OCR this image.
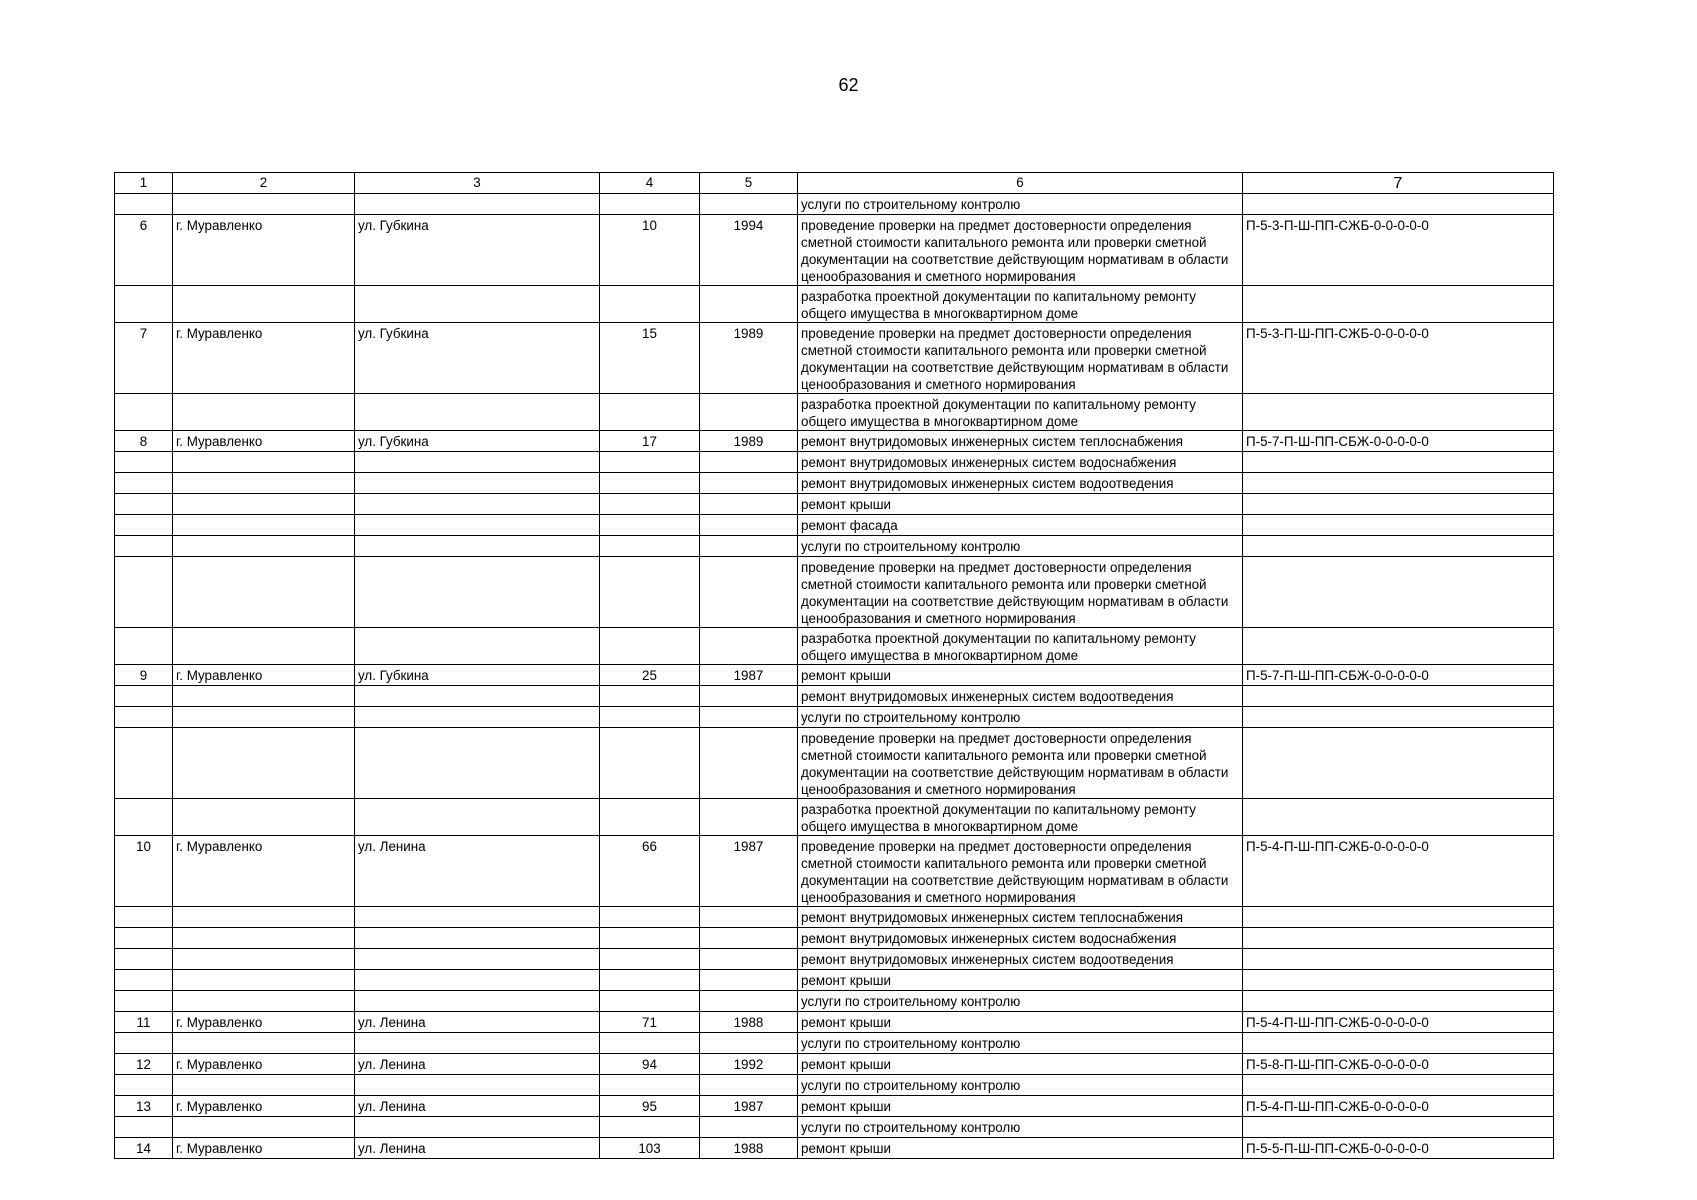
62
1	2	3	4	5	6	7
					услуги по строительному контролю	
6	г. Муравленко	ул. Губкина	10	1994	проведение проверки на предмет достоверности определения сметной стоимости капитального ремонта или проверки сметной документации на соответствие действующим нормативам в области ценообразования и сметного нормирования	П-5-3-П-Ш-ПП-СЖБ-0-0-0-0-0
					разработка проектной документации по капитальному ремонту общего имущества в многоквартирном доме	
7	г. Муравленко	ул. Губкина	15	1989	проведение проверки на предмет достоверности определения сметной стоимости капитального ремонта или проверки сметной документации на соответствие действующим нормативам в области ценообразования и сметного нормирования	П-5-3-П-Ш-ПП-СЖБ-0-0-0-0-0
					разработка проектной документации по капитальному ремонту общего имущества в многоквартирном доме	
8	г. Муравленко	ул. Губкина	17	1989	ремонт внутридомовых инженерных систем теплоснабжения	П-5-7-П-Ш-ПП-СБЖ-0-0-0-0-0
					ремонт внутридомовых инженерных систем водоснабжения	
					ремонт внутридомовых инженерных систем водоотведения	
					ремонт крыши	
					ремонт фасада	
					услуги по строительному контролю	
					проведение проверки на предмет достоверности определения сметной стоимости капитального ремонта или проверки сметной документации на соответствие действующим нормативам в области ценообразования и сметного нормирования	
					разработка проектной документации по капитальному ремонту общего имущества в многоквартирном доме	
9	г. Муравленко	ул. Губкина	25	1987	ремонт крыши	П-5-7-П-Ш-ПП-СБЖ-0-0-0-0-0
					ремонт внутридомовых инженерных систем водоотведения	
					услуги по строительному контролю	
					проведение проверки на предмет достоверности определения сметной стоимости капитального ремонта или проверки сметной документации на соответствие действующим нормативам в области ценообразования и сметного нормирования	
					разработка проектной документации по капитальному ремонту общего имущества в многоквартирном доме	
10	г. Муравленко	ул. Ленина	66	1987	проведение проверки на предмет достоверности определения сметной стоимости капитального ремонта или проверки сметной документации на соответствие действующим нормативам в области ценообразования и сметного нормирования	П-5-4-П-Ш-ПП-СЖБ-0-0-0-0-0
					ремонт внутридомовых инженерных систем теплоснабжения	
					ремонт внутридомовых инженерных систем водоснабжения	
					ремонт внутридомовых инженерных систем водоотведения	
					ремонт крыши	
					услуги по строительному контролю	
11	г. Муравленко	ул. Ленина	71	1988	ремонт крыши	П-5-4-П-Ш-ПП-СЖБ-0-0-0-0-0
					услуги по строительному контролю	
12	г. Муравленко	ул. Ленина	94	1992	ремонт крыши	П-5-8-П-Ш-ПП-СЖБ-0-0-0-0-0
					услуги по строительному контролю	
13	г. Муравленко	ул. Ленина	95	1987	ремонт крыши	П-5-4-П-Ш-ПП-СЖБ-0-0-0-0-0
					услуги по строительному контролю	
14	г. Муравленко	ул. Ленина	103	1988	ремонт крыши	П-5-5-П-Ш-ПП-СЖБ-0-0-0-0-0
